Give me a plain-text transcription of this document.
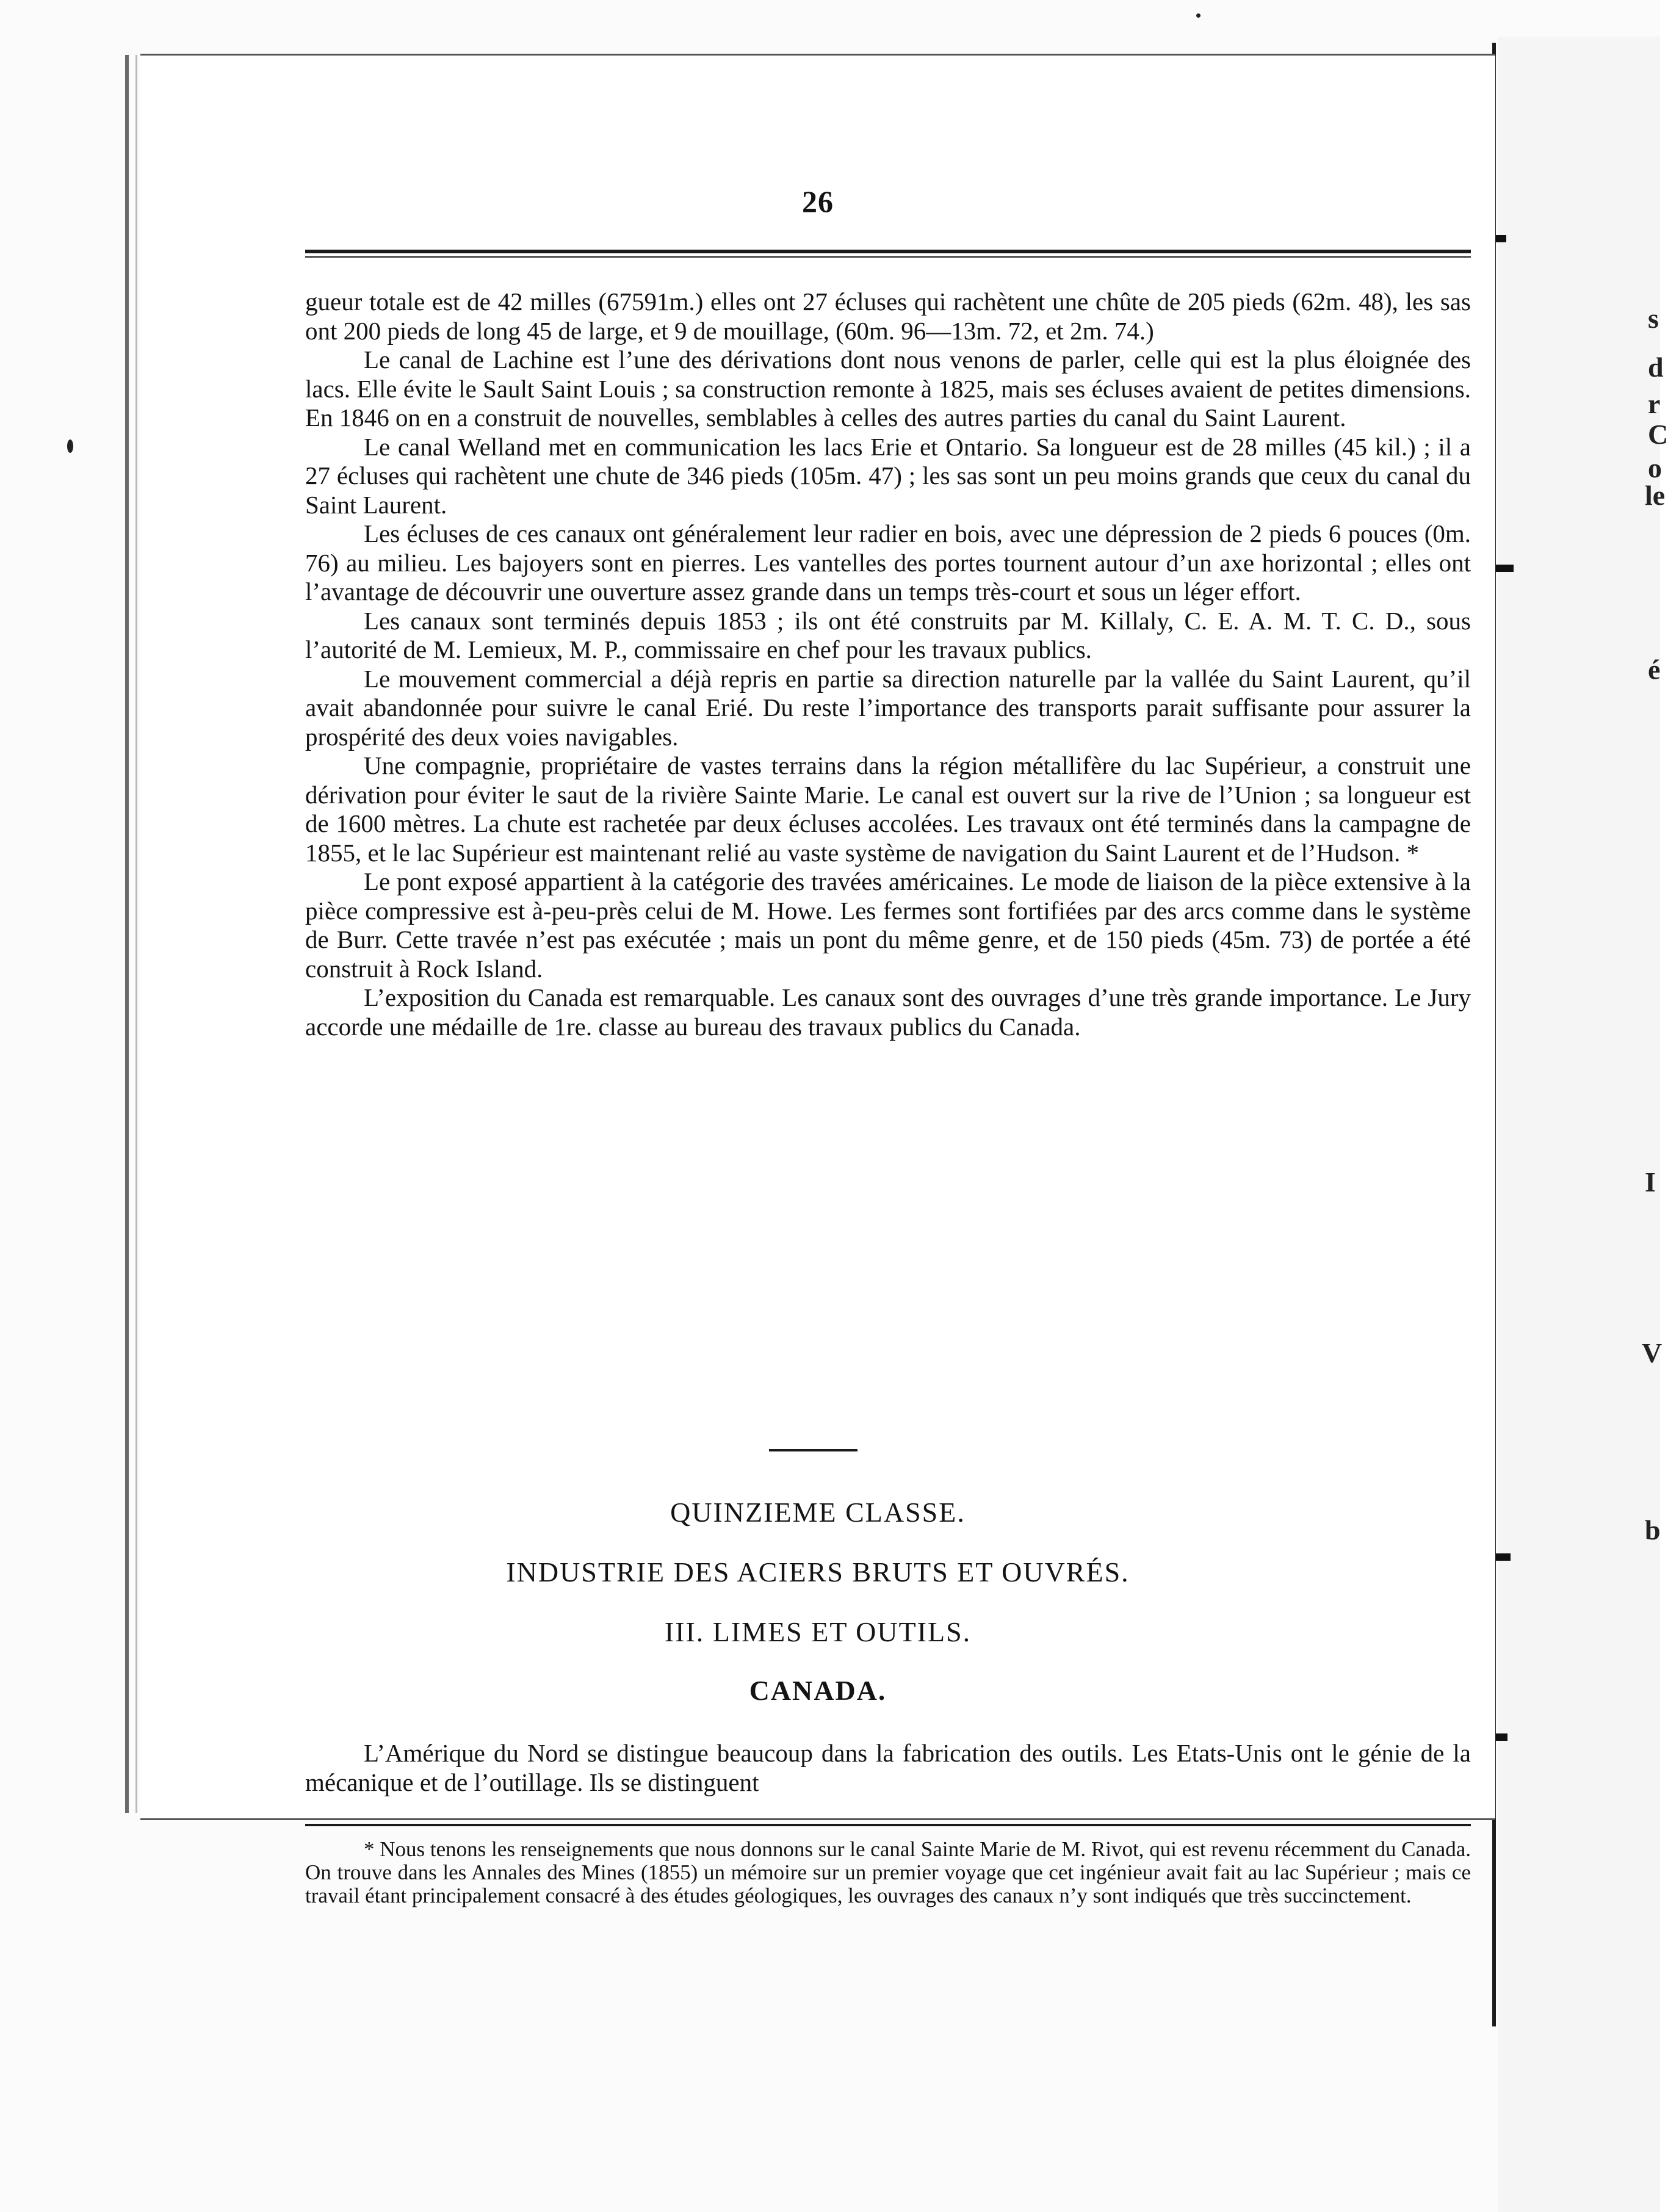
s
d
r
C
o
le
é
I
V
b
26

gueur totale est de 42 milles (67591m.) elles ont 27 écluses qui rachètent une chûte de 205 pieds (62m. 48), les sas ont 200 pieds de long 45 de large, et 9 de mouillage, (60m. 96—13m. 72, et 2m. 74.)

Le canal de Lachine est l’une des dérivations dont nous venons de parler, celle qui est la plus éloignée des lacs. Elle évite le Sault Saint Louis ; sa construction remonte à 1825, mais ses écluses avaient de petites dimensions. En 1846 on en a construit de nouvelles, semblables à celles des autres parties du canal du Saint Laurent.

Le canal Welland met en communication les lacs Erie et Ontario. Sa longueur est de 28 milles (45 kil.) ; il a 27 écluses qui rachètent une chute de 346 pieds (105m. 47) ; les sas sont un peu moins grands que ceux du canal du Saint Laurent.

Les écluses de ces canaux ont généralement leur radier en bois, avec une dépression de 2 pieds 6 pouces (0m. 76) au milieu. Les bajoyers sont en pierres. Les vantelles des portes tournent autour d’un axe horizontal ; elles ont l’avantage de découvrir une ouverture assez grande dans un temps très-court et sous un léger effort.

Les canaux sont terminés depuis 1853 ; ils ont été construits par M. Killaly, C. E. A. M. T. C. D., sous l’autorité de M. Lemieux, M. P., commissaire en chef pour les travaux publics.

Le mouvement commercial a déjà repris en partie sa direction naturelle par la vallée du Saint Laurent, qu’il avait abandonnée pour suivre le canal Erié. Du reste l’importance des transports parait suffisante pour assurer la prospérité des deux voies navigables.

Une compagnie, propriétaire de vastes terrains dans la région métallifère du lac Supérieur, a construit une dérivation pour éviter le saut de la rivière Sainte Marie. Le canal est ouvert sur la rive de l’Union ; sa longueur est de 1600 mètres. La chute est rachetée par deux écluses accolées. Les travaux ont été terminés dans la campagne de 1855, et le lac Supérieur est maintenant relié au vaste système de navigation du Saint Laurent et de l’Hudson. *

Le pont exposé appartient à la catégorie des travées américaines. Le mode de liaison de la pièce extensive à la pièce compressive est à-peu-près celui de M. Howe. Les fermes sont fortifiées par des arcs comme dans le système de Burr. Cette travée n’est pas exécutée ; mais un pont du même genre, et de 150 pieds (45m. 73) de portée a été construit à Rock Island.

L’exposition du Canada est remarquable. Les canaux sont des ouvrages d’une très grande importance. Le Jury accorde une médaille de 1re. classe au bureau des travaux publics du Canada.

QUINZIEME CLASSE.
INDUSTRIE DES ACIERS BRUTS ET OUVRÉS.
III. LIMES ET OUTILS.
CANADA.

L’Amérique du Nord se distingue beaucoup dans la fabrication des outils. Les Etats-Unis ont le génie de la mécanique et de l’outillage. Ils se distinguent

* Nous tenons les renseignements que nous donnons sur le canal Sainte Marie de M. Rivot, qui est revenu récemment du Canada. On trouve dans les Annales des Mines (1855) un mémoire sur un premier voyage que cet ingénieur avait fait au lac Supérieur ; mais ce travail étant principalement consacré à des études géologiques, les ouvrages des canaux n’y sont indiqués que très succinctement.
